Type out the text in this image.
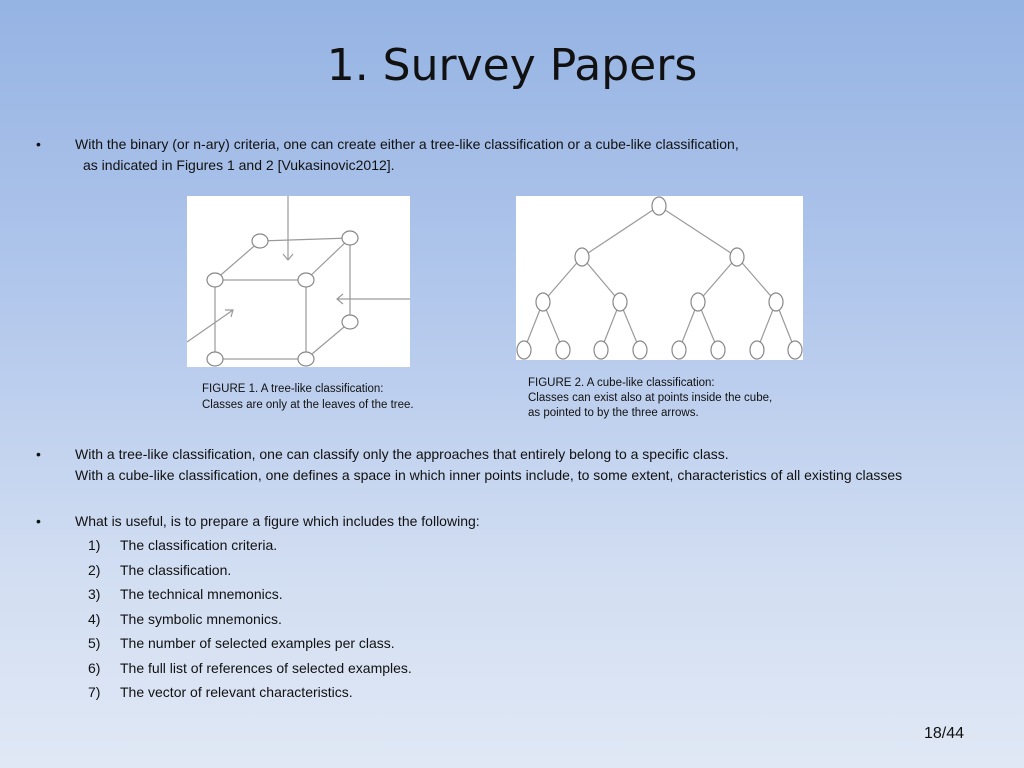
1. Survey Papers
• With the binary (or n-ary) criteria, one can create either a tree-like classification or a cube-like classification,
as indicated in Figures 1 and 2 [Vukasinovic2012].
FIGURE 1. A tree-like classification:
Classes are only at the leaves of the tree.
FIGURE 2. A cube-like classification:
Classes can exist also at points inside the cube,
as pointed to by the three arrows.
• With a tree-like classification, one can classify only the approaches that entirely belong to a specific class.
With a cube-like classification, one defines a space in which inner points include, to some extent, characteristics of all existing classes
• What is useful, is to prepare a figure which includes the following:
1) The classification criteria.
2) The classification.
3) The technical mnemonics.
4) The symbolic mnemonics.
5) The number of selected examples per class.
6) The full list of references of selected examples.
7) The vector of relevant characteristics.
18/44
